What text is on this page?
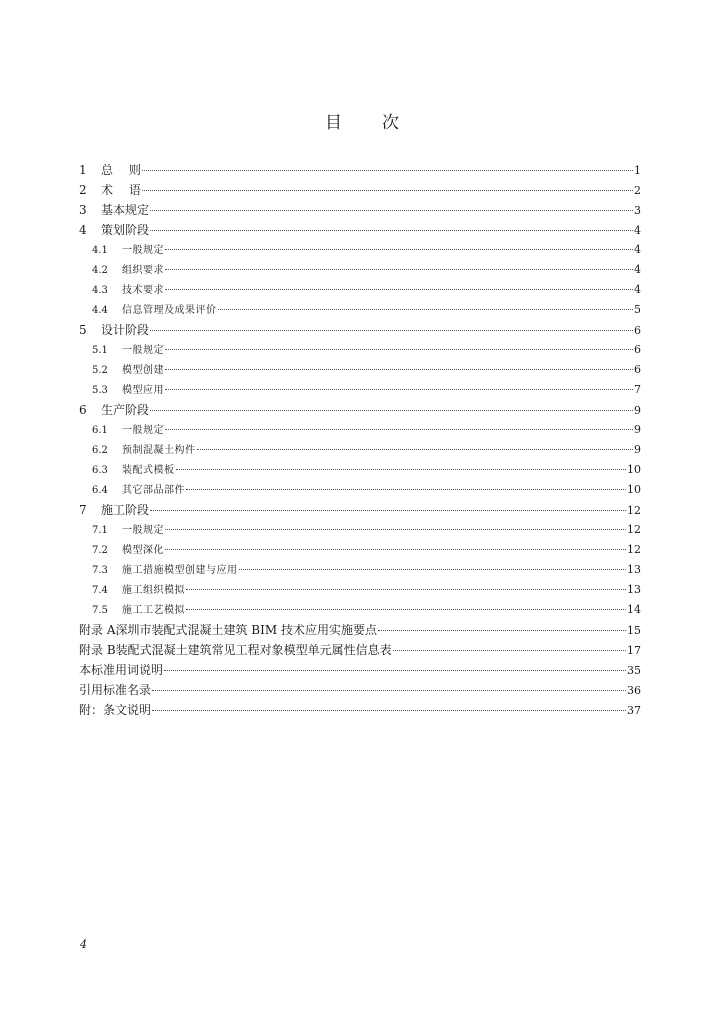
目 次
1	总　 则	1
2	术　 语	2
3	基本规定	3
4	策划阶段	4
4.1	一般规定	4
4.2	组织要求	4
4.3	技术要求	4
4.4	信息管理及成果评价	5
5	设计阶段	6
5.1	一般规定	6
5.2	模型创建	6
5.3	模型应用	7
6	生产阶段	9
6.1	一般规定	9
6.2	预制混凝土构件	9
6.3	装配式模板	10
6.4	其它部品部件	10
7	施工阶段	12
7.1	一般规定	12
7.2	模型深化	12
7.3	施工措施模型创建与应用	13
7.4	施工组织模拟	13
7.5	施工工艺模拟	14
附录 A 深圳市装配式混凝土建筑 BIM 技术应用实施要点	15
附录 B 装配式混凝土建筑常见工程对象模型单元属性信息表	17
本标准用词说明	35
引用标准名录	36
附：条文说明	37
4
